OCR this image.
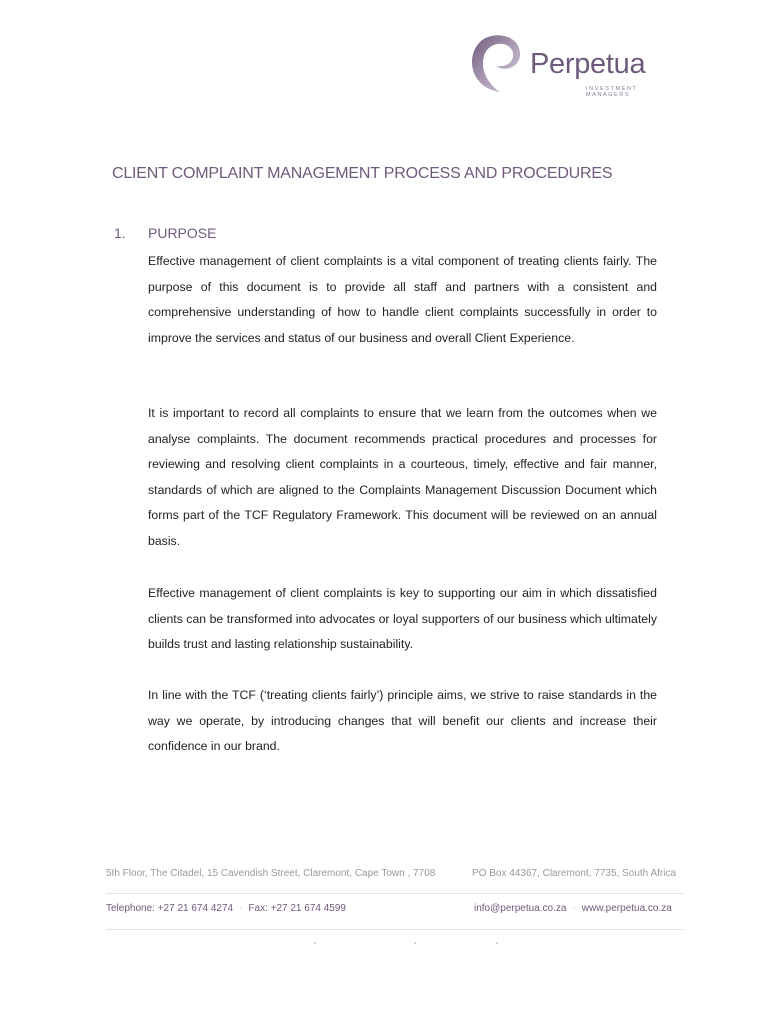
Perpetua
INVESTMENT MANAGERS
CLIENT COMPLAINT MANAGEMENT PROCESS AND PROCEDURES
1. PURPOSE

Effective management of client complaints is a vital component of treating clients fairly. The purpose of this document is to provide all staff and partners with a consistent and comprehensive understanding of how to handle client complaints successfully in order to improve the services and status of our business and overall Client Experience.

It is important to record all complaints to ensure that we learn from the outcomes when we analyse complaints. The document recommends practical procedures and processes for reviewing and resolving client complaints in a courteous, timely, effective and fair manner, standards of which are aligned to the Complaints Management Discussion Document which forms part of the TCF Regulatory Framework. This document will be reviewed on an annual basis.

Effective management of client complaints is key to supporting our aim in which dissatisfied clients can be transformed into advocates or loyal supporters of our business which ultimately builds trust and lasting relationship sustainability.

In line with the TCF (‘treating clients fairly’) principle aims, we strive to raise standards in the way we operate, by introducing changes that will benefit our clients and increase their confidence in our brand.

5th Floor, The Citadel, 15 Cavendish Street, Claremont, Cape Town , 7708	PO Box 44367, Claremont, 7735, South Africa
Telephone: +27 21 674 4274 · Fax: +27 21 674 4599	info@perpetua.co.za · www.perpetua.co.za
